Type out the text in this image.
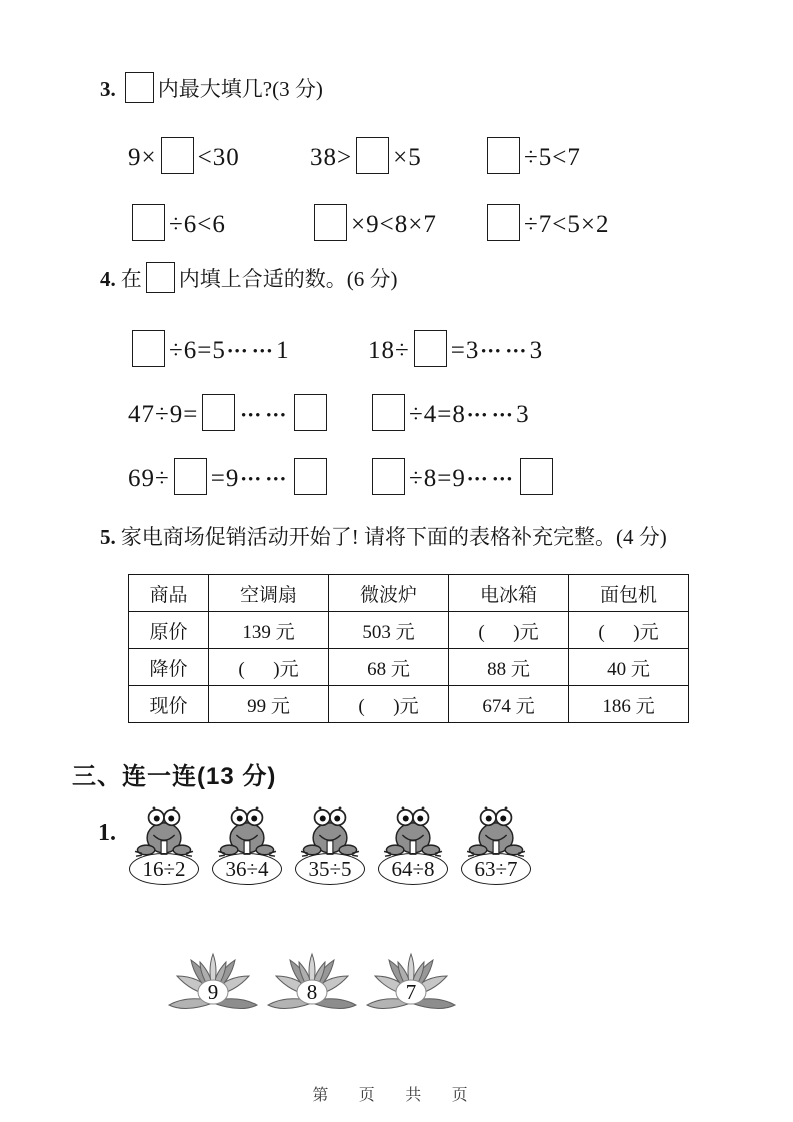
3. 内最大填几?(3 分)
9× <30	38> ×5	÷5<7
÷6<6	×9<8×7	÷7<5×2
4. 在 内填上合适的数。(6 分)
÷6=5 ••• •••1	18÷ =3 ••• •••3
47÷9=	••• •••	÷4=8 ••• •••3
69÷ =9 ••• •••	÷8=9 ••• •••
5. 家电商场促销活动开始了! 请将下面的表格补充完整。(4 分)
商品	空调扇	微波炉	电冰箱	面包机
原价	139 元	503 元	(      )元	(      )元
降价	(      )元	68 元	88 元	40 元
现价	99 元	(      )元	674 元	186 元
三、连一连(13 分)
1.
16÷2	36÷4	35÷5	64÷8	63÷7
9	8	7
第 页 共 页
